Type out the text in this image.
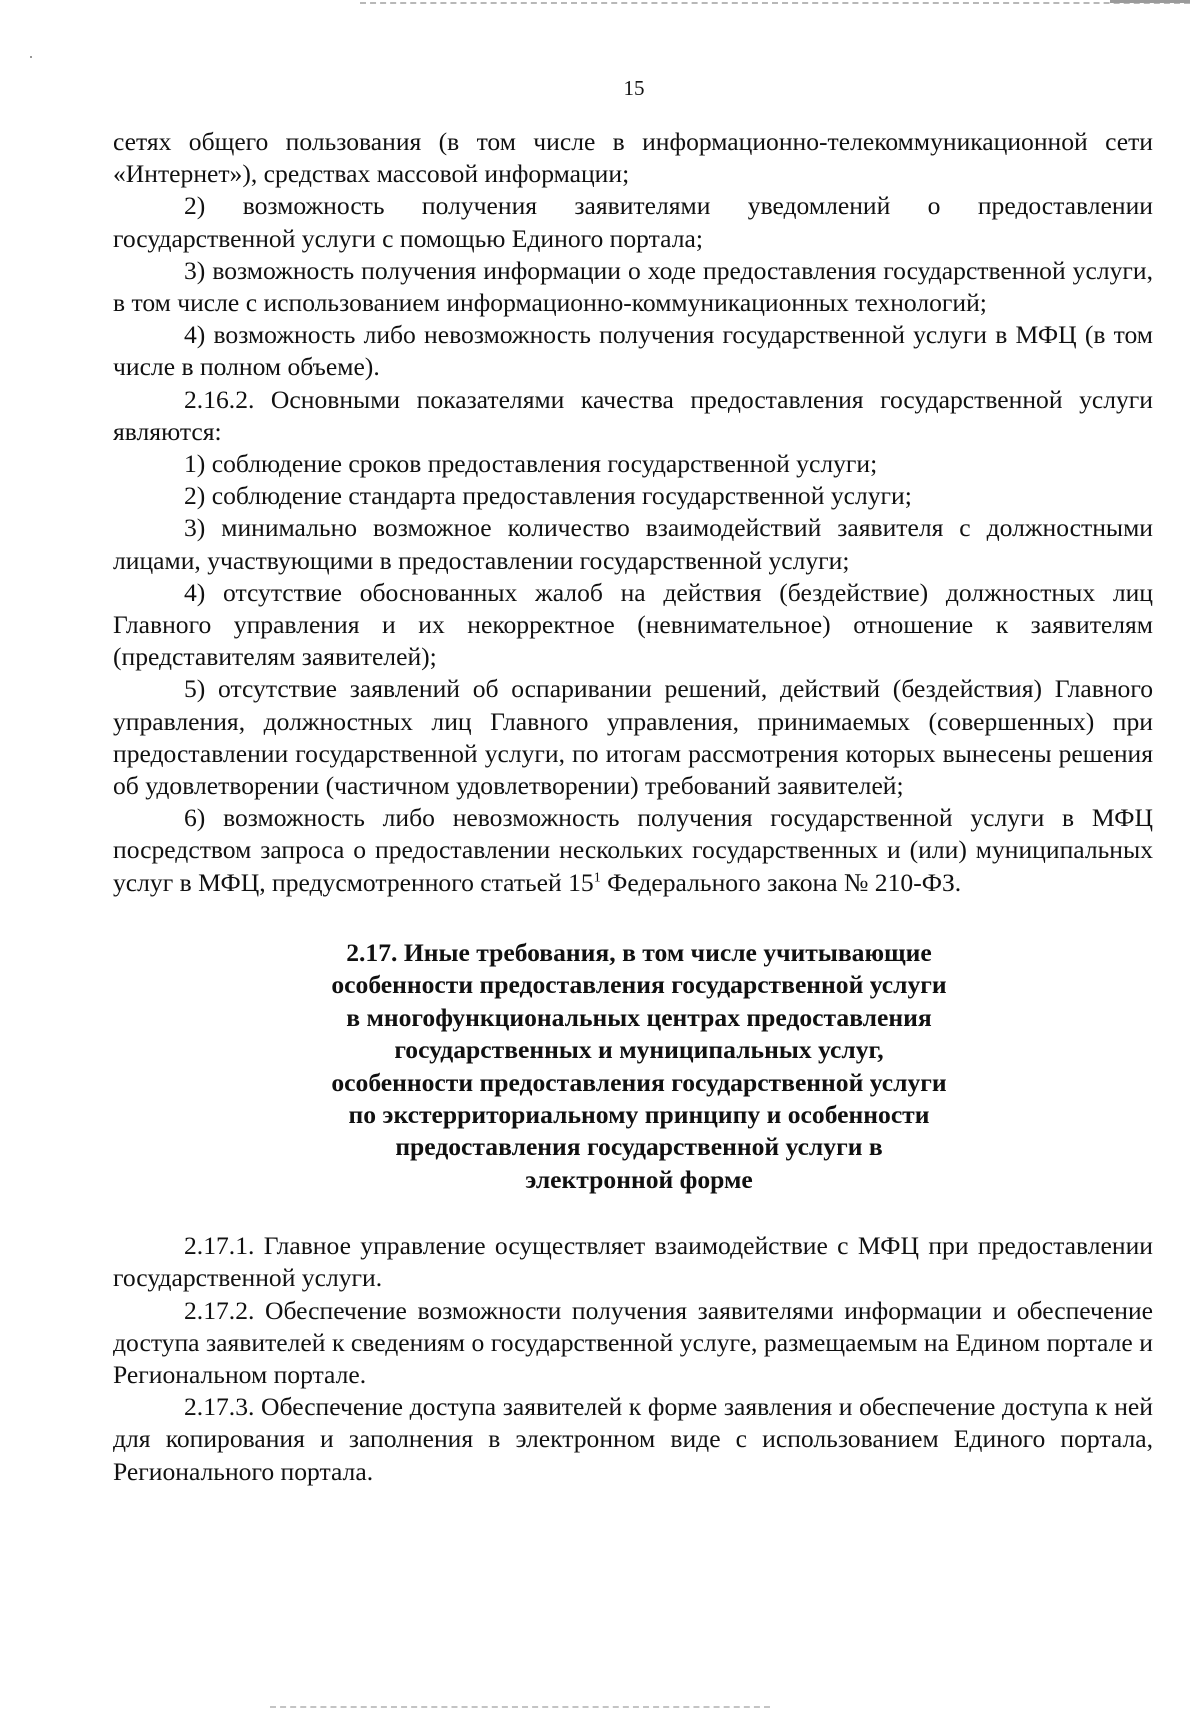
15

сетях общего пользования (в том числе в информационно-телекоммуникационной сети «Интернет»), средствах массовой информации;

2) возможность получения заявителями уведомлений о предоставлении государственной услуги с помощью Единого портала;

3) возможность получения информации о ходе предоставления государственной услуги, в том числе с использованием информационно-коммуникационных технологий;

4) возможность либо невозможность получения государственной услуги в МФЦ (в том числе в полном объеме).

2.16.2. Основными показателями качества предоставления государственной услуги являются:

1) соблюдение сроков предоставления государственной услуги;

2) соблюдение стандарта предоставления государственной услуги;

3) минимально возможное количество взаимодействий заявителя с должностными лицами, участвующими в предоставлении государственной услуги;

4) отсутствие обоснованных жалоб на действия (бездействие) должностных лиц Главного управления и их некорректное (невнимательное) отношение к заявителям (представителям заявителей);

5) отсутствие заявлений об оспаривании решений, действий (бездействия) Главного управления, должностных лиц Главного управления, принимаемых (совершенных) при предоставлении государственной услуги, по итогам рассмотрения которых вынесены решения об удовлетворении (частичном удовлетворении) требований заявителей;

6) возможность либо невозможность получения государственной услуги в МФЦ посредством запроса о предоставлении нескольких государственных и (или) муниципальных услуг в МФЦ, предусмотренного статьей 15$^1$ Федерального закона № 210-ФЗ.

2.17. Иные требования, в том числе учитывающие
особенности предоставления государственной услуги
в многофункциональных центрах предоставления
государственных и муниципальных услуг,
особенности предоставления государственной услуги
по экстерриториальному принципу и особенности
предоставления государственной услуги в
электронной форме

2.17.1. Главное управление осуществляет взаимодействие с МФЦ при предоставлении государственной услуги.

2.17.2. Обеспечение возможности получения заявителями информации и обеспечение доступа заявителей к сведениям о государственной услуге, размещаемым на Едином портале и Региональном портале.

2.17.3. Обеспечение доступа заявителей к форме заявления и обеспечение доступа к ней для копирования и заполнения в электронном виде с использованием Единого портала, Регионального портала.
